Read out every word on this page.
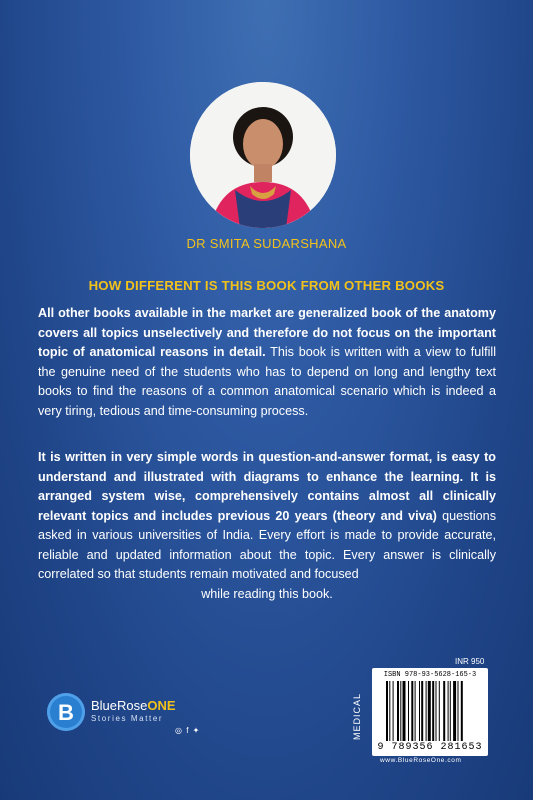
DR SMITA SUDARSHANA
HOW DIFFERENT IS THIS BOOK FROM OTHER BOOKS
All other books available in the market are generalized book of the anatomy covers all topics unselectively and therefore do not focus on the important topic of anatomical reasons in detail. This book is written with a view to fulfill the genuine need of the students who has to depend on long and lengthy text books to find the reasons of a common anatomical scenario which is indeed a very tiring, tedious and time-consuming process.
It is written in very simple words in question-and-answer format, is easy to understand and illustrated with diagrams to enhance the learning. It is arranged system wise, comprehensively contains almost all clinically relevant topics and includes previous 20 years (theory and viva) questions asked in various universities of India. Every effort is made to provide accurate, reliable and updated information about the topic. Every answer is clinically correlated so that students remain motivated and focused
while reading this book.
B	BlueRoseONE
Stories Matter
◎ f ✦	MEDICAL
INR 950
ISBN 978-93-5628-165-3
9 789356 281653
www.BlueRoseOne.com
